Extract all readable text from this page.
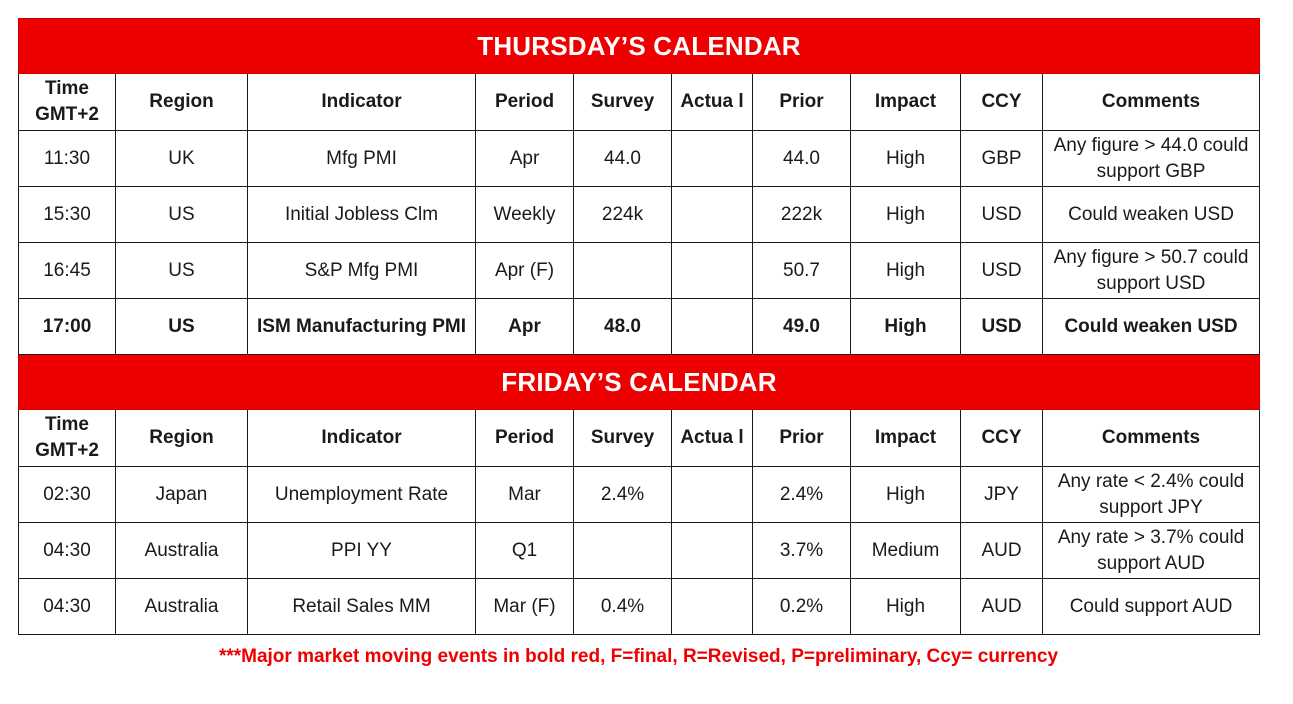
THURSDAY’S CALENDAR									
Time GMT+2	Region	Indicator	Period	Survey	Actua l	Prior	Impact	CCY	Comments
11:30	UK	Mfg PMI	Apr	44.0		44.0	High	GBP	Any figure > 44.0 could support GBP
15:30	US	Initial Jobless Clm	Weekly	224k		222k	High	USD	Could weaken USD
16:45	US	S&P Mfg PMI	Apr (F)			50.7	High	USD	Any figure > 50.7 could support USD
17:00	US	ISM Manufacturing PMI	Apr	48.0		49.0	High	USD	Could weaken USD
FRIDAY’S CALENDAR									
Time GMT+2	Region	Indicator	Period	Survey	Actua l	Prior	Impact	CCY	Comments
02:30	Japan	Unemployment Rate	Mar	2.4%		2.4%	High	JPY	Any rate < 2.4% could support JPY
04:30	Australia	PPI YY	Q1			3.7%	Medium	AUD	Any rate > 3.7% could support AUD
04:30	Australia	Retail Sales MM	Mar (F)	0.4%		0.2%	High	AUD	Could support AUD
***Major market moving events in bold red, F=final, R=Revised, P=preliminary, Ccy= currency
